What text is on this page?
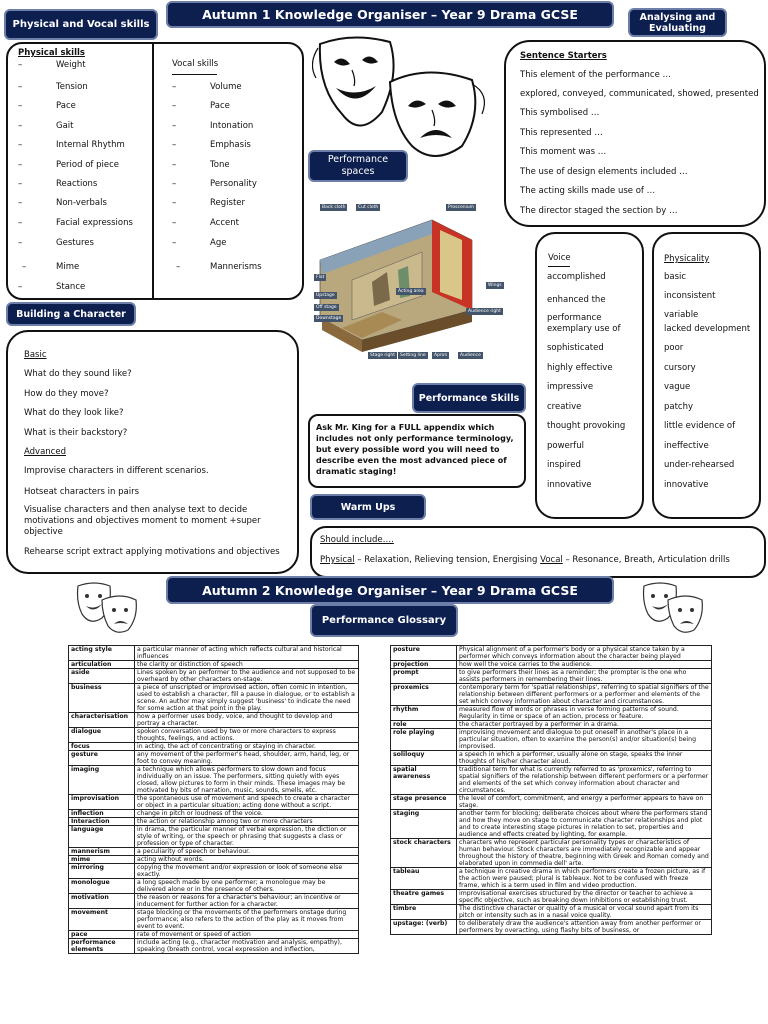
Autumn 1 Knowledge Organiser – Year 9 Drama GCSE
Physical and Vocal skills
Analysing and Evaluating
Physical skills
Vocal skills
–	Weight
–	Tension
–	Pace
–	Gait
–	Internal Rhythm
–	Period of piece
–	Reactions
–	Non-verbals
–	Facial expressions
–	Gestures
–	Mime
–	Stance
–	Volume
–	Pace
–	Intonation
–	Emphasis
–	Tone
–	Personality
–	Register
–	Accent
–	Age
–	Mannerisms
Sentence Starters
This element of the performance …
explored, conveyed, communicated, showed, presented
This symbolised …
This represented …
This moment was …
The use of design elements included …
The acting skills made use of …
The director staged the section by …
Performance spaces
Back cloth	Cut cloth	Proscenium
Flat
Upstage
Off stage
Downstage
Acting area
Wings
Audience right
Stage right	Setting line	Apron	Audience
Building a Character
Basic
What do they sound like?
How do they move?
What do they look like?
What is their backstory?
Advanced
Improvise characters in different scenarios.
Hotseat characters in pairs
Visualise characters and then analyse text to decide motivations and objectives moment to moment +super objective
Rehearse script extract applying motivations and objectives
Voice
accomplished
enhanced the performance
exemplary use of
sophisticated
highly effective
impressive
creative
thought provoking
powerful
inspired
innovative
Physicality
basic
inconsistent
variable
lacked development
poor
cursory
vague
patchy
little evidence of
ineffective
under-rehearsed
innovative
Performance Skills
Ask Mr. King for a FULL appendix which includes not only performance terminology, but every possible word you will need to describe even the most advanced piece of dramatic staging!
Warm Ups
Should include….
Physical – Relaxation, Relieving tension, Energising Vocal – Resonance, Breath, Articulation drills
Autumn 2 Knowledge Organiser – Year 9 Drama GCSE
Performance Glossary
acting style	a particular manner of acting which reflects cultural and historical influences
articulation	the clarity or distinction of speech
aside	Lines spoken by an performer to the audience and not supposed to be overheard by other characters on-stage.
business	a piece of unscripted or improvised action, often comic in intention, used to establish a character, fill a pause in dialogue, or to establish a scene. An author may simply suggest 'business' to indicate the need for some action at that point in the play.
characterisation	how a performer uses body, voice, and thought to develop and portray a character.
dialogue	spoken conversation used by two or more characters to express thoughts, feelings, and actions.
focus	in acting, the act of concentrating or staying in character.
gesture	any movement of the performer's head, shoulder, arm, hand, leg, or foot to convey meaning.
imaging	a technique which allows performers to slow down and focus individually on an issue. The performers, sitting quietly with eyes closed, allow pictures to form in their minds. These images may be motivated by bits of narration, music, sounds, smells, etc.
improvisation	the spontaneous use of movement and speech to create a character or object in a particular situation; acting done without a script.
inflection	change in pitch or loudness of the voice.
Interaction	the action or relationship among two or more characters
language	in drama, the particular manner of verbal expression, the diction or style of writing, or the speech or phrasing that suggests a class or profession or type of character.
mannerism	a peculiarity of speech or behaviour.
mime	acting without words.
mirroring	copying the movement and/or expression or look of someone else exactly.
monologue	a long speech made by one performer; a monologue may be delivered alone or in the presence of others.
motivation	the reason or reasons for a character's behaviour; an incentive or inducement for further action for a character.
movement	stage blocking or the movements of the performers onstage during performance; also refers to the action of the play as it moves from event to event.
pace	rate of movement or speed of action
performance elements	include acting (e.g., character motivation and analysis, empathy), speaking (breath control, vocal expression and inflection,
posture	Physical alignment of a performer's body or a physical stance taken by a performer which conveys information about the character being played
projection	how well the voice carries to the audience.
prompt	to give performers their lines as a reminder; the prompter is the one who assists performers in remembering their lines.
proxemics	contemporary term for 'spatial relationships', referring to spatial signifiers of the relationship between different performers or a performer and elements of the set which convey information about character and circumstances.
rhythm	measured flow of words or phrases in verse forming patterns of sound. Regularity in time or space of an action, process or feature.
role	the character portrayed by a performer in a drama.
role playing	improvising movement and dialogue to put oneself in another's place in a particular situation, often to examine the person(s) and/or situation(s) being improvised.
soliloquy	a speech in which a performer, usually alone on stage, speaks the inner thoughts of his/her character aloud.
spatial awareness	traditional term for what is currently referred to as 'proxemics', referring to spatial signifiers of the relationship between different performers or a performer and elements of the set which convey information about character and circumstances.
stage presence	the level of comfort, commitment, and energy a performer appears to have on stage.
staging	another term for blocking; deliberate choices about where the performers stand and how they move on stage to communicate character relationships and plot and to create interesting stage pictures in relation to set, properties and audience and effects created by lighting, for example.
stock characters	characters who represent particular personality types or characteristics of human behaviour. Stock characters are immediately recognizable and appear throughout the history of theatre, beginning with Greek and Roman comedy and elaborated upon in commedia dell' arte.
tableau	a technique in creative drama in which performers create a frozen picture, as if the action were paused; plural is tableaux. Not to be confused with freeze frame, which is a term used in film and video production.
theatre games	improvisational exercises structured by the director or teacher to achieve a specific objective, such as breaking down inhibitions or establishing trust.
timbre	The distinctive character or quality of a musical or vocal sound apart from its pitch or intensity such as in a nasal voice quality.
upstage: (verb)	to deliberately draw the audience's attention away from another performer or performers by overacting, using flashy bits of business, or
